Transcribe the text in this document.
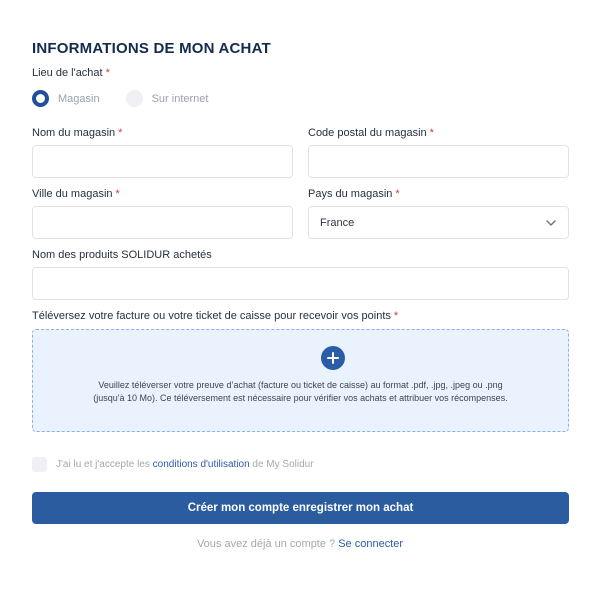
INFORMATIONS DE MON ACHAT
Lieu de l'achat *
Magasin	Sur internet
Nom du magasin *	Code postal du magasin *
Ville du magasin *	Pays du magasin *
France
Nom des produits SOLIDUR achetés
Téléversez votre facture ou votre ticket de caisse pour recevoir vos points *
Veuillez téléverser votre preuve d’achat (facture ou ticket de caisse) au format .pdf, .jpg, .jpeg ou .png
(jusqu'à 10 Mo). Ce téléversement est nécessaire pour vérifier vos achats et attribuer vos récompenses.
J'ai lu et j'accepte les conditions d'utilisation de My Solidur
Créer mon compte enregistrer mon achat
Vous avez déjà un compte ? Se connecter
